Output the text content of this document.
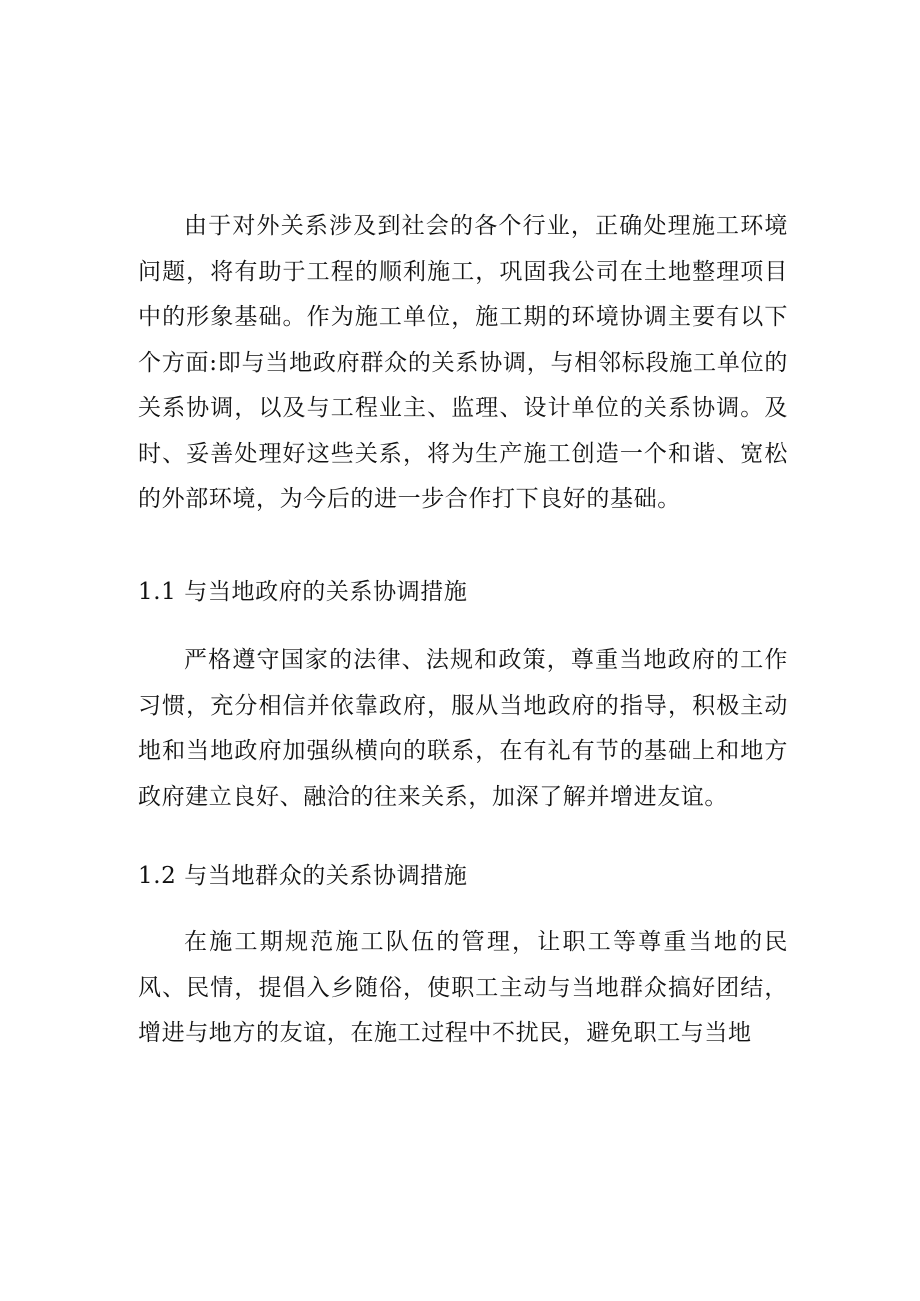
由于对外关系涉及到社会的各个行业，正确处理施工环境问题，将有助于工程的顺利施工，巩固我公司在土地整理项目中的形象基础。作为施工单位，施工期的环境协调主要有以下个方面:即与当地政府群众的关系协调，与相邻标段施工单位的关系协调，以及与工程业主、监理、设计单位的关系协调。及时、妥善处理好这些关系，将为生产施工创造一个和谐、宽松的外部环境，为今后的进一步合作打下良好的基础。

1.1 与当地政府的关系协调措施

严格遵守国家的法律、法规和政策，尊重当地政府的工作习惯，充分相信并依靠政府，服从当地政府的指导，积极主动地和当地政府加强纵横向的联系，在有礼有节的基础上和地方政府建立良好、融洽的往来关系，加深了解并增进友谊。

1.2 与当地群众的关系协调措施

在施工期规范施工队伍的管理，让职工等尊重当地的民风、民情，提倡入乡随俗，使职工主动与当地群众搞好团结，增进与地方的友谊，在施工过程中不扰民，避免职工与当地
